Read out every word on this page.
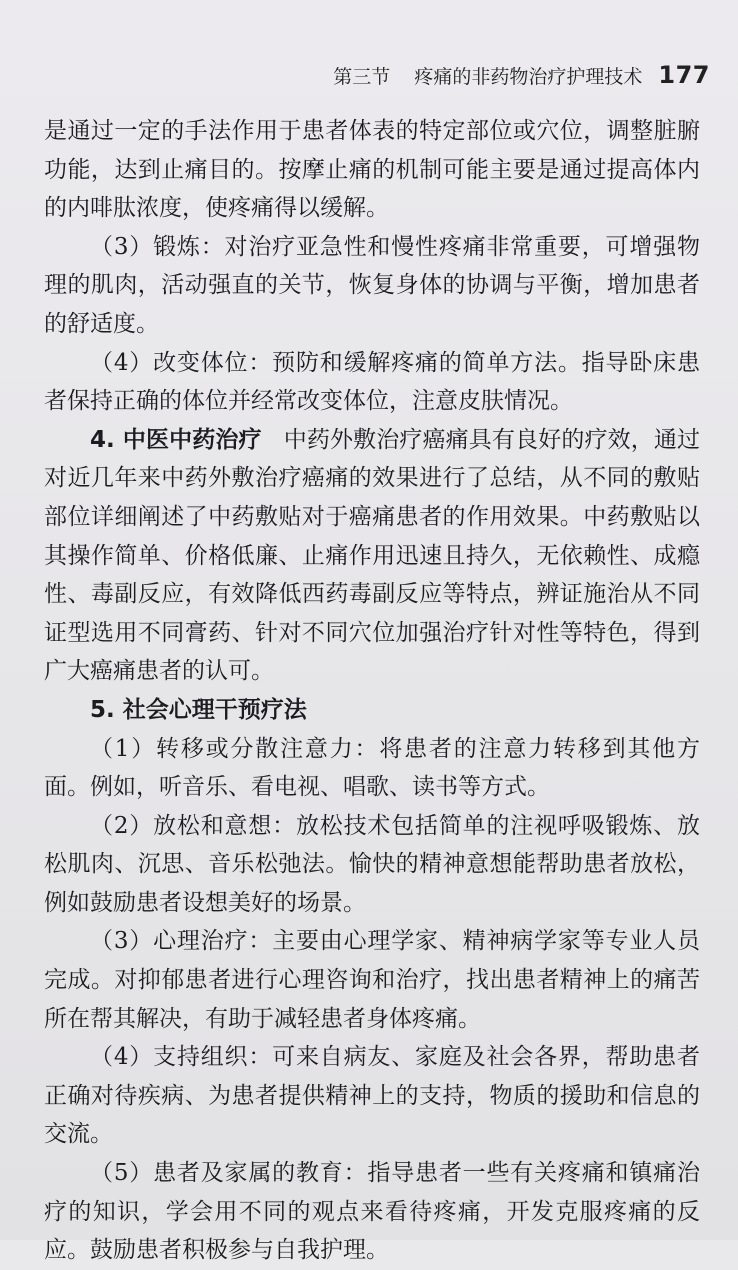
第三节 疼痛的非药物治疗护理技术 177

是通过一定的手法作用于患者体表的特定部位或穴位，调整脏腑功能，达到止痛目的。按摩止痛的机制可能主要是通过提高体内的内啡肽浓度，使疼痛得以缓解。

（3）锻炼：对治疗亚急性和慢性疼痛非常重要，可增强物理的肌肉，活动强直的关节，恢复身体的协调与平衡，增加患者的舒适度。

（4）改变体位：预防和缓解疼痛的简单方法。指导卧床患者保持正确的体位并经常改变体位，注意皮肤情况。

4. 中医中药治疗 中药外敷治疗癌痛具有良好的疗效，通过对近几年来中药外敷治疗癌痛的效果进行了总结，从不同的敷贴部位详细阐述了中药敷贴对于癌痛患者的作用效果。中药敷贴以其操作简单、价格低廉、止痛作用迅速且持久，无依赖性、成瘾性、毒副反应，有效降低西药毒副反应等特点，辨证施治从不同证型选用不同膏药、针对不同穴位加强治疗针对性等特色，得到广大癌痛患者的认可。

5. 社会心理干预疗法

（1）转移或分散注意力：将患者的注意力转移到其他方面。例如，听音乐、看电视、唱歌、读书等方式。

（2）放松和意想：放松技术包括简单的注视呼吸锻炼、放松肌肉、沉思、音乐松弛法。愉快的精神意想能帮助患者放松，例如鼓励患者设想美好的场景。

（3）心理治疗：主要由心理学家、精神病学家等专业人员完成。对抑郁患者进行心理咨询和治疗，找出患者精神上的痛苦所在帮其解决，有助于减轻患者身体疼痛。

（4）支持组织：可来自病友、家庭及社会各界，帮助患者正确对待疾病、为患者提供精神上的支持，物质的援助和信息的交流。

（5）患者及家属的教育：指导患者一些有关疼痛和镇痛治疗的知识，学会用不同的观点来看待疼痛，开发克服疼痛的反应。鼓励患者积极参与自我护理。
